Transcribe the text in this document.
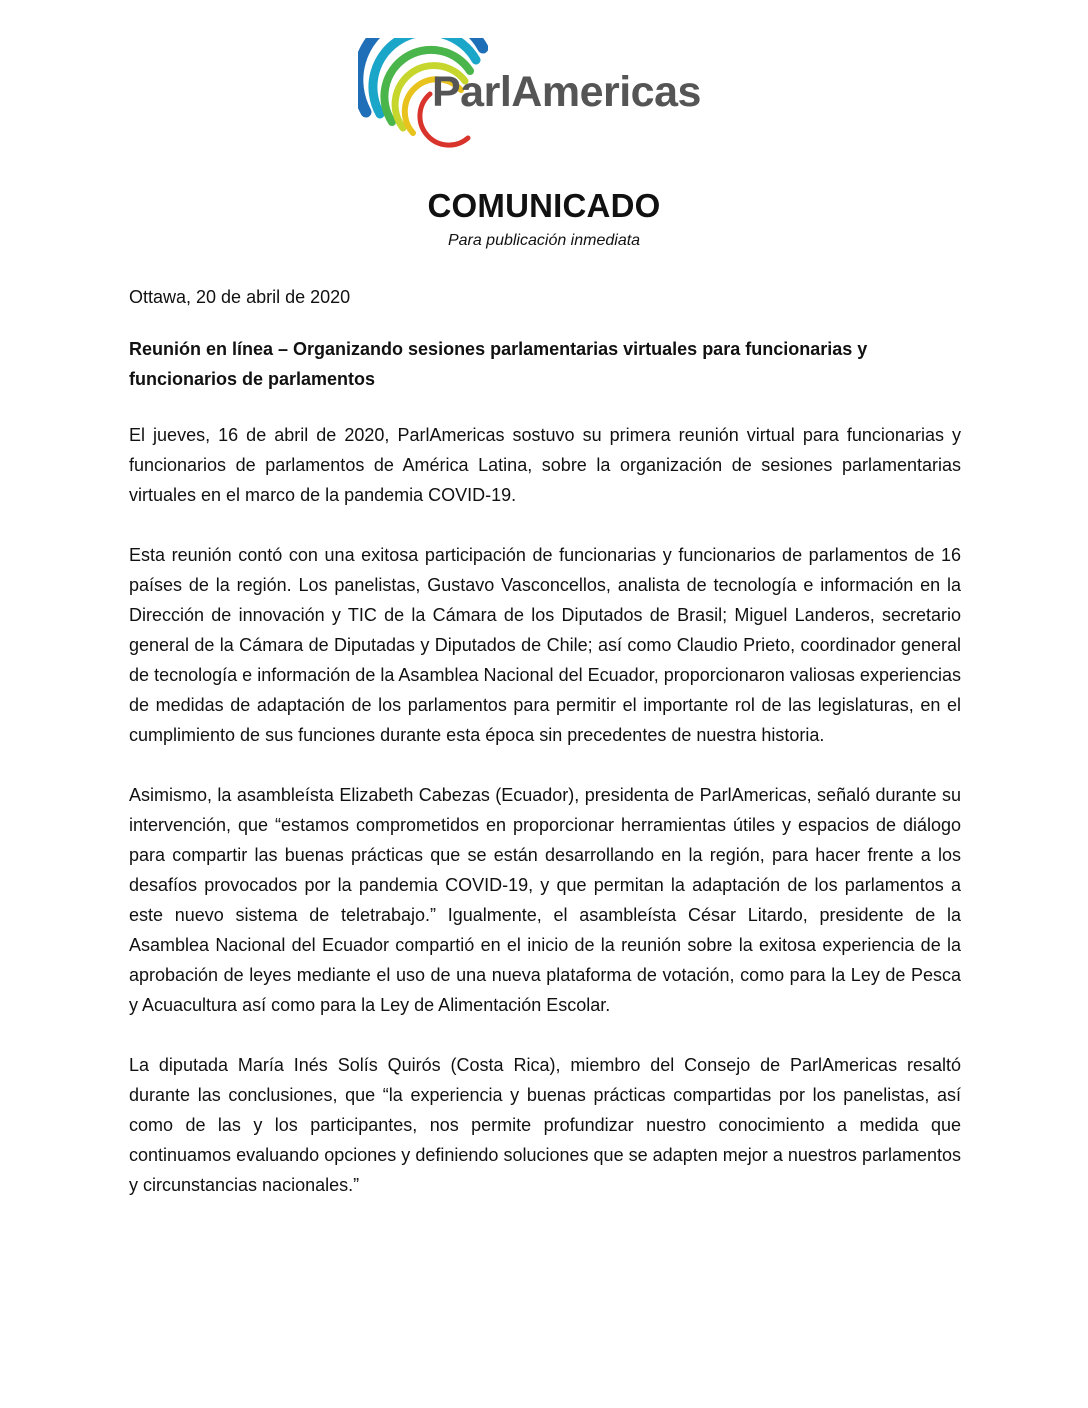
ParlAmericas
COMUNICADO
Para publicación inmediata

Ottawa, 20 de abril de 2020

Reunión en línea – Organizando sesiones parlamentarias virtuales para funcionarias y funcionarios de parlamentos

El jueves, 16 de abril de 2020, ParlAmericas sostuvo su primera reunión virtual para funcionarias y funcionarios de parlamentos de América Latina, sobre la organización de sesiones parlamentarias virtuales en el marco de la pandemia COVID-19.

Esta reunión contó con una exitosa participación de funcionarias y funcionarios de parlamentos de 16 países de la región. Los panelistas, Gustavo Vasconcellos, analista de tecnología e información en la Dirección de innovación y TIC de la Cámara de los Diputados de Brasil; Miguel Landeros, secretario general de la Cámara de Diputadas y Diputados de Chile; así como Claudio Prieto, coordinador general de tecnología e información de la Asamblea Nacional del Ecuador, proporcionaron valiosas experiencias de medidas de adaptación de los parlamentos para permitir el importante rol de las legislaturas, en el cumplimiento de sus funciones durante esta época sin precedentes de nuestra historia.

Asimismo, la asambleísta Elizabeth Cabezas (Ecuador), presidenta de ParlAmericas, señaló durante su intervención, que “estamos comprometidos en proporcionar herramientas útiles y espacios de diálogo para compartir las buenas prácticas que se están desarrollando en la región, para hacer frente a los desafíos provocados por la pandemia COVID-19, y que permitan la adaptación de los parlamentos a este nuevo sistema de teletrabajo.” Igualmente, el asambleísta César Litardo, presidente de la Asamblea Nacional del Ecuador compartió en el inicio de la reunión sobre la exitosa experiencia de la aprobación de leyes mediante el uso de una nueva plataforma de votación, como para la Ley de Pesca y Acuacultura así como para la Ley de Alimentación Escolar.

La diputada María Inés Solís Quirós (Costa Rica), miembro del Consejo de ParlAmericas resaltó durante las conclusiones, que “la experiencia y buenas prácticas compartidas por los panelistas, así como de las y los participantes, nos permite profundizar nuestro conocimiento a medida que continuamos evaluando opciones y definiendo soluciones que se adapten mejor a nuestros parlamentos y circunstancias nacionales.”
